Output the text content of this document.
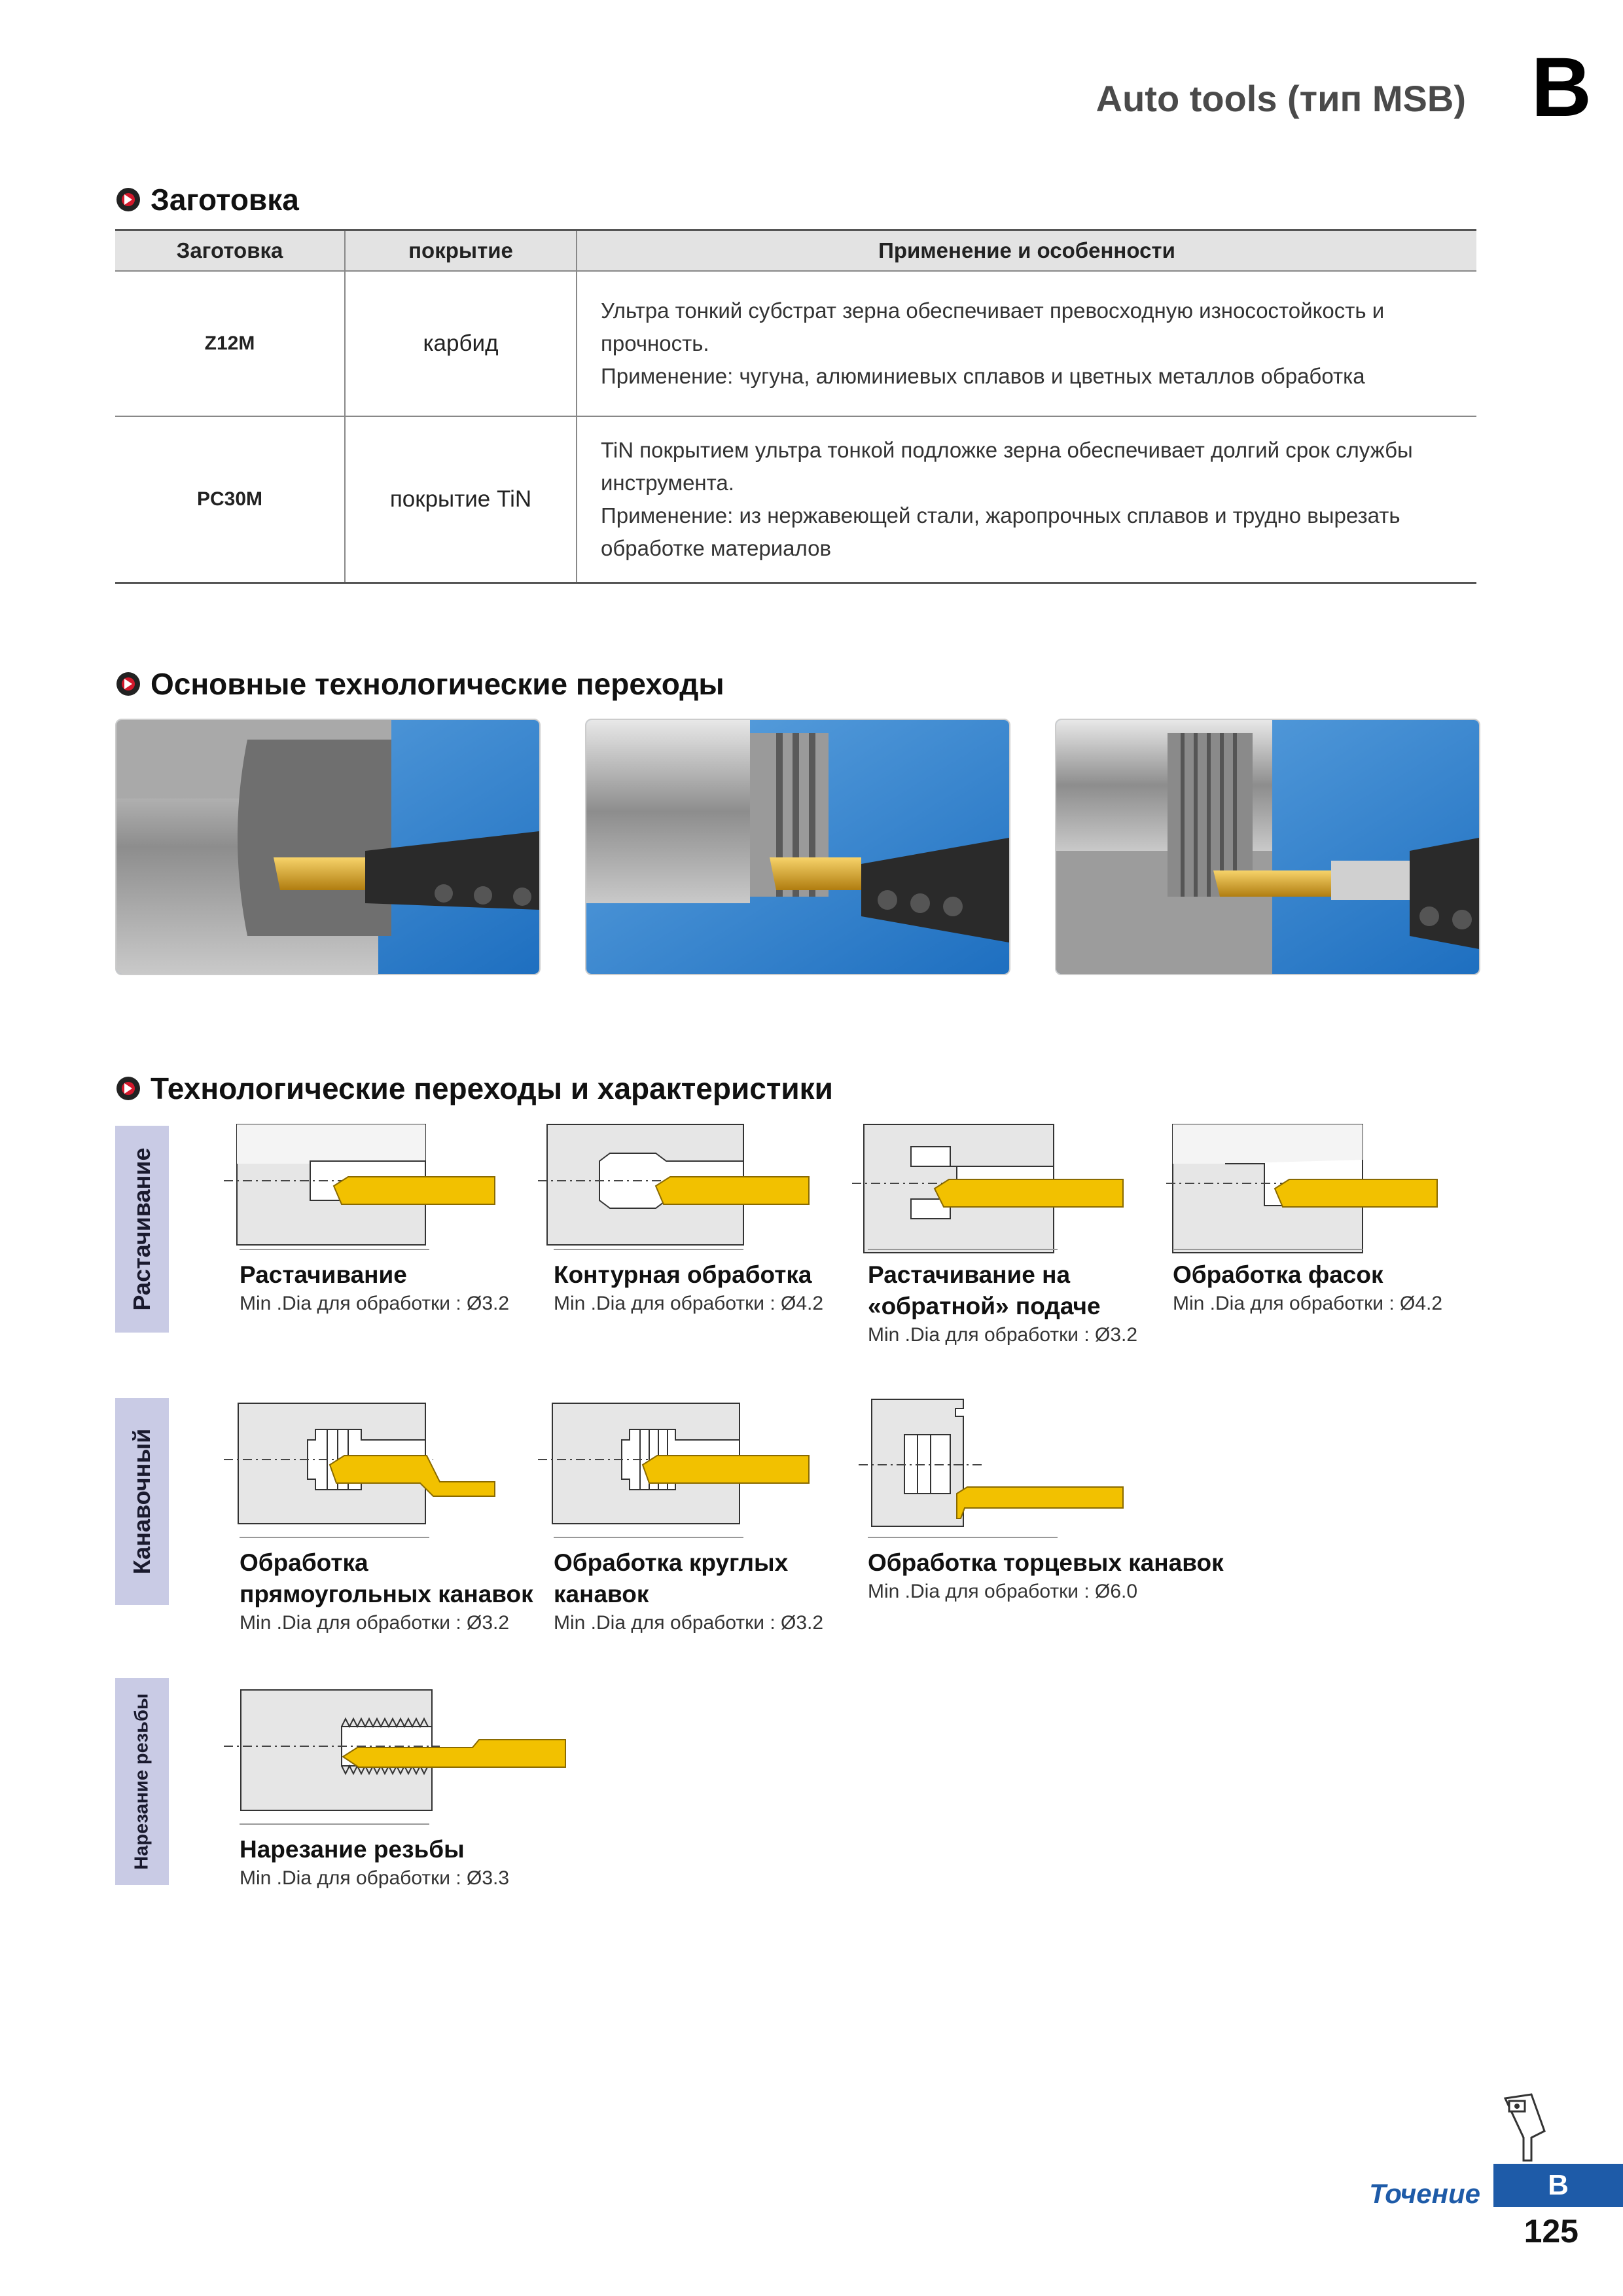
Auto tools (тип MSB) B
Заготовка
Заготовка	покрытие	Применение и особенности
Z12M	карбид	Ультра тонкий субстрат зерна обеспечивает превосходную износостойкость и
прочность.
Применение: чугуна, алюминиевых сплавов и цветных металлов обработка

PC30M	покрытие TiN	TiN покрытием ультра тонкой подложке зерна обеспечивает долгий срок службы
инструмента.
Применение: из нержавеющей стали, жаропрочных сплавов и трудно вырезать
обработке материалов
Основные технологические переходы
Технологические переходы и характеристики
Растачивание
Канавочный
Нарезание резьбы
Растачивание
Min .Dia для обработки : Ø3.2
Контурная обработка
Min .Dia для обработки : Ø4.2
Растачивание на
«обратной» подаче
Min .Dia для обработки : Ø3.2
Обработка фасок
Min .Dia для обработки : Ø4.2
Обработка
прямоугольных канавок
Min .Dia для обработки : Ø3.2
Обработка круглых
канавок
Min .Dia для обработки : Ø3.2
Обработка торцевых канавок
Min .Dia для обработки : Ø6.0
Нарезание резьбы
Min .Dia для обработки : Ø3.3
Точение	B
125
